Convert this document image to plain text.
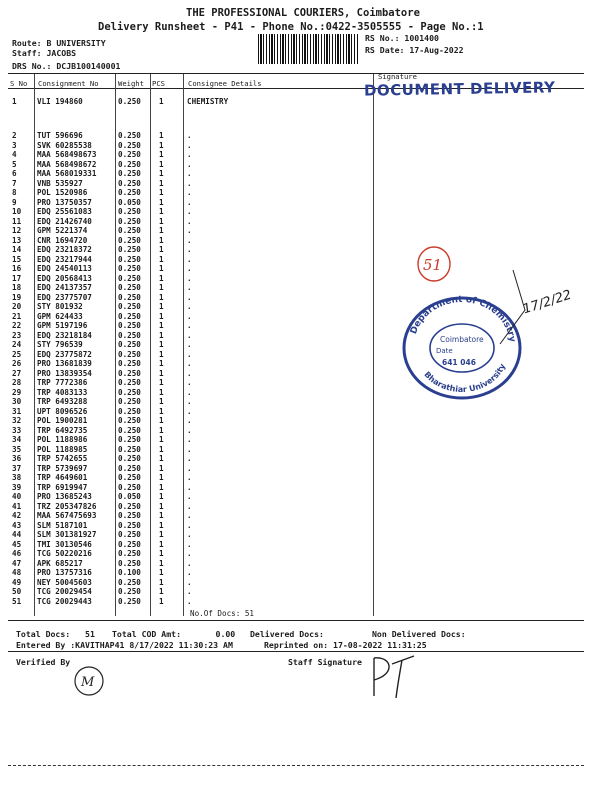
THE PROFESSIONAL COURIERS, Coimbatore
Delivery Runsheet - P41 - Phone No.:0422-3505555 - Page No.:1
Route: B UNIVERSITY
Staff: JACOBS
DRS No.: DCJB100140001
RS No.: 1001400
RS Date: 17-Aug-2022
S No Consignment No	Weight PCS	Consignee Details
Signature
DOCUMENT DELIVERY
1	VLI 194860	0.250 1	CHEMISTRY
2	TUT 596696	0.250 1	.
3	SVK 60285538	0.250 1	.
4	MAA 568498673	0.250 1	.
5	MAA 568498672	0.250 1	.
6	MAA 568019331	0.250 1	.
7	VNB 535927	0.250 1	.
8	POL 1520986	0.250 1	.
9	PRO 13750357	0.050 1	.
10 EDQ 25561083	0.250 1	.
11 EDQ 21426740	0.250 1	.
12 GPM 5221374	0.250 1	.
13 CNR 1694720	0.250 1	.
14 EDQ 23218372	0.250 1	.
15 EDQ 23217944	0.250 1	.
16 EDQ 24540113	0.250 1	.
17 EDQ 20568413	0.250 1	.
18 EDQ 24137357	0.250 1	.
19 EDQ 23775707	0.250 1	.
20 STY 801932	0.250 1	.
21 GPM 624433	0.250 1	.
22 GPM 5197196	0.250 1	.
23 EDQ 23218184	0.250 1	.
24 STY 796539	0.250 1	.
25 EDQ 23775872	0.250 1	.
26 PRO 13681839	0.250 1	.
27 PRO 13839354	0.250 1	.
28 TRP 7772386	0.250 1	.
29 TRP 4083133	0.250 1	.
30 TRP 6493288	0.250 1	.
31 UPT 8096526	0.250 1	.
32 POL 1900281	0.250 1	.
33 TRP 6492735	0.250 1	.
34 POL 1188986	0.250 1	.
35 POL 1188985	0.250 1	.
36 TRP 5742655	0.250 1	.
37 TRP 5739697	0.250 1	.
38 TRP 4649601	0.250 1	.
39 TRP 6919947	0.250 1	.
40 PRO 13685243	0.050 1	.
41 TRZ 205347826	0.250 1	.
42 MAA 567475693	0.250 1	.
43 SLM 5187101	0.250 1	.
44 SLM 301381927	0.250 1	.
45 TMI 30130546	0.250 1	.
46 TCG 50220216	0.250 1	.
47 APK 685217	0.250 1	.
48 PRO 13757316	0.100 1	.
49 NEY 50045603	0.250 1	.
50 TCG 20029454	0.250 1	.
51 TCG 20029443	0.250 1	.
No.Of Docs: 51
Total Docs:   51 Total COD Amt:       0.00 Delivered Docs:	Non Delivered Docs:
Entered By :KAVITHAP41 8/17/2022 11:30:23 AM	Reprinted on: 17-08-2022 11:31:25
Verified By	Staff Signature
Department of Chemistry
Bharathiar University
Coimbatore
Date
641 046
51
17/2/22
M
